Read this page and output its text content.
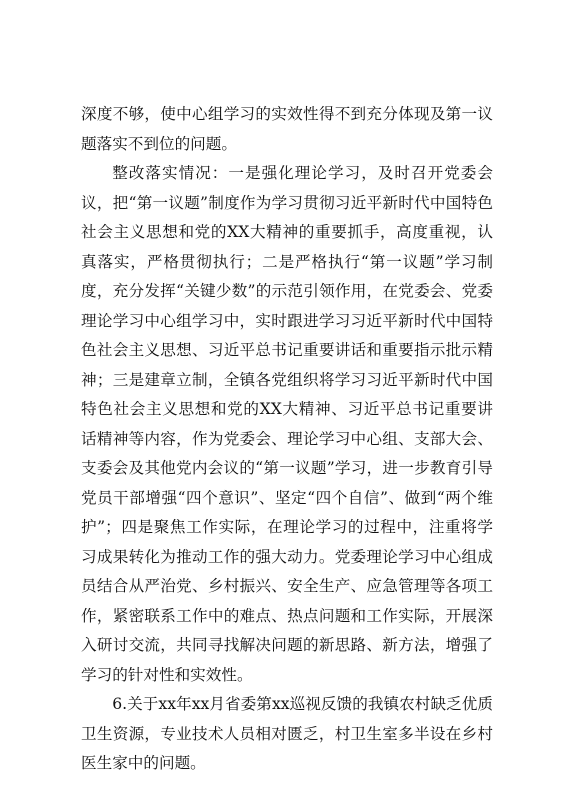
深度不够，使中心组学习的实效性得不到充分体现及第一议题落实不到位的问题。

整改落实情况：一是强化理论学习，及时召开党委会议，把“第一议题”制度作为学习贯彻习近平新时代中国特色社会主义思想和党的XX大精神的重要抓手，高度重视，认真落实，严格贯彻执行；二是严格执行“第一议题”学习制度，充分发挥“关键少数”的示范引领作用，在党委会、党委理论学习中心组学习中，实时跟进学习习近平新时代中国特色社会主义思想、习近平总书记重要讲话和重要指示批示精神；三是建章立制，全镇各党组织将学习习近平新时代中国特色社会主义思想和党的XX大精神、习近平总书记重要讲话精神等内容，作为党委会、理论学习中心组、支部大会、支委会及其他党内会议的“第一议题”学习，进一步教育引导党员干部增强“四个意识”、坚定“四个自信”、做到“两个维护”；四是聚焦工作实际，在理论学习的过程中，注重将学习成果转化为推动工作的强大动力。党委理论学习中心组成员结合从严治党、乡村振兴、安全生产、应急管理等各项工作，紧密联系工作中的难点、热点问题和工作实际，开展深入研讨交流，共同寻找解决问题的新思路、新方法，增强了学习的针对性和实效性。

6.关于xx年xx月省委第xx巡视反馈的我镇农村缺乏优质卫生资源，专业技术人员相对匮乏，村卫生室多半设在乡村医生家中的问题。
